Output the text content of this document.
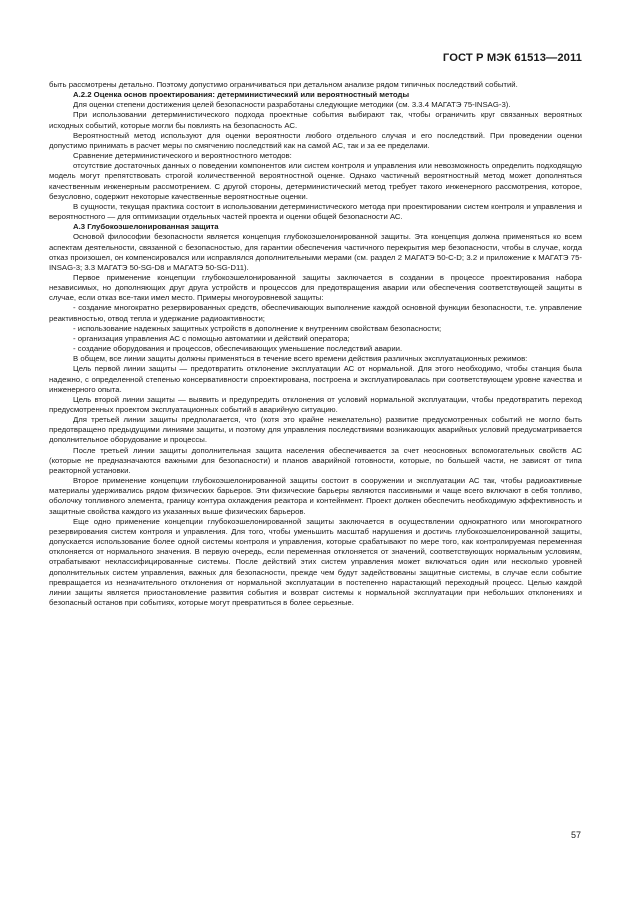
ГОСТ Р МЭК 61513—2011

быть рассмотрены детально. Поэтому допустимо ограничиваться при детальном анализе рядом типичных последствий событий.

А.2.2 Оценка основ проектирования: детерминистический или вероятностный методы

Для оценки степени достижения целей безопасности разработаны следующие методики (см. 3.3.4 МАГАТЭ 75-INSAG-3).

При использовании детерминистического подхода проектные события выбирают так, чтобы ограничить круг связанных вероятных исходных событий, которые могли бы повлиять на безопасность АС.

Вероятностный метод используют для оценки вероятности любого отдельного случая и его последствий. При проведении оценки допустимо принимать в расчет меры по смягчению последствий как на самой АС, так и за ее пределами.

Сравнение детерминистического и вероятностного методов:

отсутствие достаточных данных о поведении компонентов или систем контроля и управления или невозможность определить подходящую модель могут препятствовать строгой количественной вероятностной оценке. Однако частичный вероятностный метод может дополняться качественным инженерным рассмотрением. С другой стороны, детерминистический метод требует такого инженерного рассмотрения, которое, безусловно, содержит некоторые качественные вероятностные оценки.

В сущности, текущая практика состоит в использовании детерминистического метода при проектировании систем контроля и управления и вероятностного — для оптимизации отдельных частей проекта и оценки общей безопасности АС.

А.3 Глубокоэшелонированная защита

Основой философии безопасности является концепция глубокоэшелонированной защиты. Эта концепция должна применяться ко всем аспектам деятельности, связанной с безопасностью, для гарантии обеспечения частичного перекрытия мер безопасности, чтобы в случае, когда отказ произошел, он компенсировался или исправлялся дополнительными мерами (см. раздел 2 МАГАТЭ 50-С-D; 3.2 и приложение к МАГАТЭ 75-INSAG-3; 3.3 МАГАТЭ 50-SG-D8 и МАГАТЭ 50-SG-D11).

Первое применение концепции глубокоэшелонированной защиты заключается в создании в процессе проектирования набора независимых, но дополняющих друг друга устройств и процессов для предотвращения аварии или обеспечения соответствующей защиты в случае, если отказ все-таки имел место. Примеры многоуровневой защиты:

- создание многократно резервированных средств, обеспечивающих выполнение каждой основной функции безопасности, т.е. управление реактивностью, отвод тепла и удержание радиоактивности;

- использование надежных защитных устройств в дополнение к внутренним свойствам безопасности;

- организация управления АС с помощью автоматики и действий оператора;

- создание оборудования и процессов, обеспечивающих уменьшение последствий аварии.

В общем, все линии защиты должны применяться в течение всего времени действия различных эксплуатационных режимов:

Цель первой линии защиты — предотвратить отклонение эксплуатации АС от нормальной. Для этого необходимо, чтобы станция была надежно, с определенной степенью консервативности спроектирована, построена и эксплуатировалась при соответствующем уровне качества и инженерного опыта.

Цель второй линии защиты — выявить и предупредить отклонения от условий нормальной эксплуатации, чтобы предотвратить переход предусмотренных проектом эксплуатационных событий в аварийную ситуацию.

Для третьей линии защиты предполагается, что (хотя это крайне нежелательно) развитие предусмотренных событий не могло быть предотвращено предыдущими линиями защиты, и поэтому для управления последствиями возникающих аварийных условий предусматривается дополнительное оборудование и процессы.

После третьей линии защиты дополнительная защита населения обеспечивается за счет неосновных вспомогательных свойств АС (которые не предназначаются важными для безопасности) и планов аварийной готовности, которые, по большей части, не зависят от типа реакторной установки.

Второе применение концепции глубокоэшелонированной защиты состоит в сооружении и эксплуатации АС так, чтобы радиоактивные материалы удерживались рядом физических барьеров. Эти физические барьеры являются пассивными и чаще всего включают в себя топливо, оболочку топливного элемента, границу контура охлаждения реактора и контейнмент. Проект должен обеспечить необходимую эффективность и защитные свойства каждого из указанных выше физических барьеров.

Еще одно применение концепции глубокоэшелонированной защиты заключается в осуществлении однократного или многократного резервирования систем контроля и управления. Для того, чтобы уменьшить масштаб нарушения и достичь глубокоэшелонированной защиты, допускается использование более одной системы контроля и управления, которые срабатывают по мере того, как контролируемая переменная отклоняется от нормального значения. В первую очередь, если переменная отклоняется от значений, соответствующих нормальным условиям, отрабатывают неклассифицированные системы. После действий этих систем управления может включаться один или несколько уровней дополнительных систем управления, важных для безопасности, прежде чем будут задействованы защитные системы, в случае если событие превращается из незначительного отклонения от нормальной эксплуатации в постепенно нарастающий переходный процесс. Целью каждой линии защиты является приостановление развития события и возврат системы к нормальной эксплуатации при небольших отклонениях и безопасный останов при событиях, которые могут превратиться в более серьезные.

57
